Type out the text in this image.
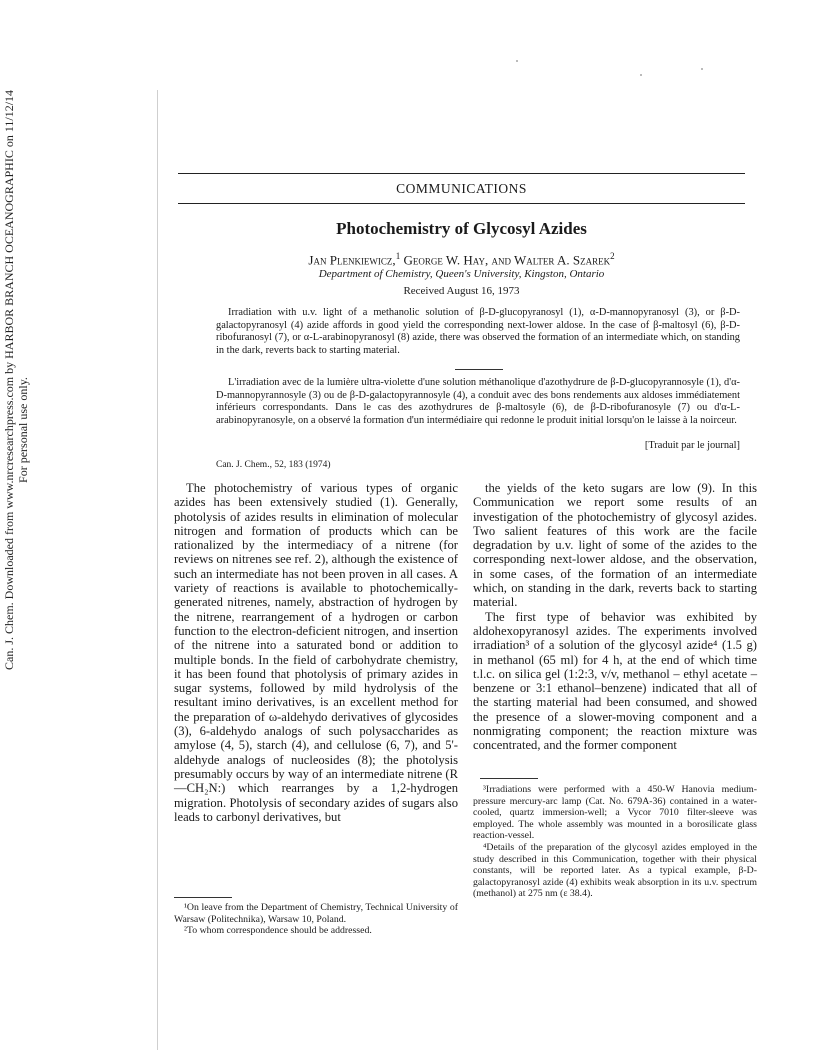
Can. J. Chem. Downloaded from www.nrcresearchpress.com by HARBOR BRANCH OCEANOGRAPHIC on 11/12/14 For personal use only.
COMMUNICATIONS
Photochemistry of Glycosyl Azides
Jan Plenkiewicz,$^1$ George W. Hay, and Walter A. Szarek$^2$
Department of Chemistry, Queen's University, Kingston, Ontario
Received August 16, 1973
Irradiation with u.v. light of a methanolic solution of β-D-glucopyranosyl (1), α-D-mannopyranosyl (3), or β-D-galactopyranosyl (4) azide affords in good yield the corresponding next-lower aldose. In the case of β-maltosyl (6), β-D-ribofuranosyl (7), or α-L-arabinopyranosyl (8) azide, there was observed the formation of an intermediate which, on standing in the dark, reverts back to starting material.
L'irradiation avec de la lumière ultra-violette d'une solution méthanolique d'azothydrure de β-D-glucopyrannosyle (1), d'α-D-mannopyrannosyle (3) ou de β-D-galactopyrannosyle (4), a conduit avec des bons rendements aux aldoses immédiatement inférieurs correspondants. Dans le cas des azothydrures de β-maltosyle (6), de β-D-ribofuranosyle (7) ou d'α-L-arabinopyranosyle, on a observé la formation d'un intermédiaire qui redonne le produit initial lorsqu'on le laisse à la noirceur.
[Traduit par le journal]
Can. J. Chem., 52, 183 (1974)

The photochemistry of various types of organic azides has been extensively studied (1). Generally, photolysis of azides results in elimination of molecular nitrogen and formation of products which can be rationalized by the intermediacy of a nitrene (for reviews on nitrenes see ref. 2), although the existence of such an intermediate has not been proven in all cases. A variety of reactions is available to photochemically-generated nitrenes, namely, abstraction of hydrogen by the nitrene, rearrangement of a hydrogen or carbon function to the electron-deficient nitrogen, and insertion of the nitrene into a saturated bond or addition to multiple bonds. In the field of carbohydrate chemistry, it has been found that photolysis of primary azides in sugar systems, followed by mild hydrolysis of the resultant imino derivatives, is an excellent method for the preparation of ω-aldehydo derivatives of glycosides (3), 6-aldehydo analogs of such polysaccharides as amylose (4, 5), starch (4), and cellulose (6, 7), and 5'-aldehyde analogs of nucleosides (8); the photolysis presumably occurs by way of an intermediate nitrene (R—CH₂N:) which rearranges by a 1,2-hydrogen migration. Photolysis of secondary azides of sugars also leads to carbonyl derivatives, but

the yields of the keto sugars are low (9). In this Communication we report some results of an investigation of the photochemistry of glycosyl azides. Two salient features of this work are the facile degradation by u.v. light of some of the azides to the corresponding next-lower aldose, and the observation, in some cases, of the formation of an intermediate which, on standing in the dark, reverts back to starting material.

The first type of behavior was exhibited by aldohexopyranosyl azides. The experiments involved irradiation³ of a solution of the glycosyl azide⁴ (1.5 g) in methanol (65 ml) for 4 h, at the end of which time t.l.c. on silica gel (1:2:3, v/v, methanol – ethyl acetate – benzene or 3:1 ethanol–benzene) indicated that all of the starting material had been consumed, and showed the presence of a slower-moving component and a nonmigrating component; the reaction mixture was concentrated, and the former component

¹On leave from the Department of Chemistry, Technical University of Warsaw (Politechnika), Warsaw 10, Poland.

²To whom correspondence should be addressed.

³Irradiations were performed with a 450-W Hanovia medium-pressure mercury-arc lamp (Cat. No. 679A-36) contained in a water-cooled, quartz immersion-well; a Vycor 7010 filter-sleeve was employed. The whole assembly was mounted in a borosilicate glass reaction-vessel.

⁴Details of the preparation of the glycosyl azides employed in the study described in this Communication, together with their physical constants, will be reported later. As a typical example, β-D-galactopyranosyl azide (4) exhibits weak absorption in its u.v. spectrum (methanol) at 275 nm (ε 38.4).
